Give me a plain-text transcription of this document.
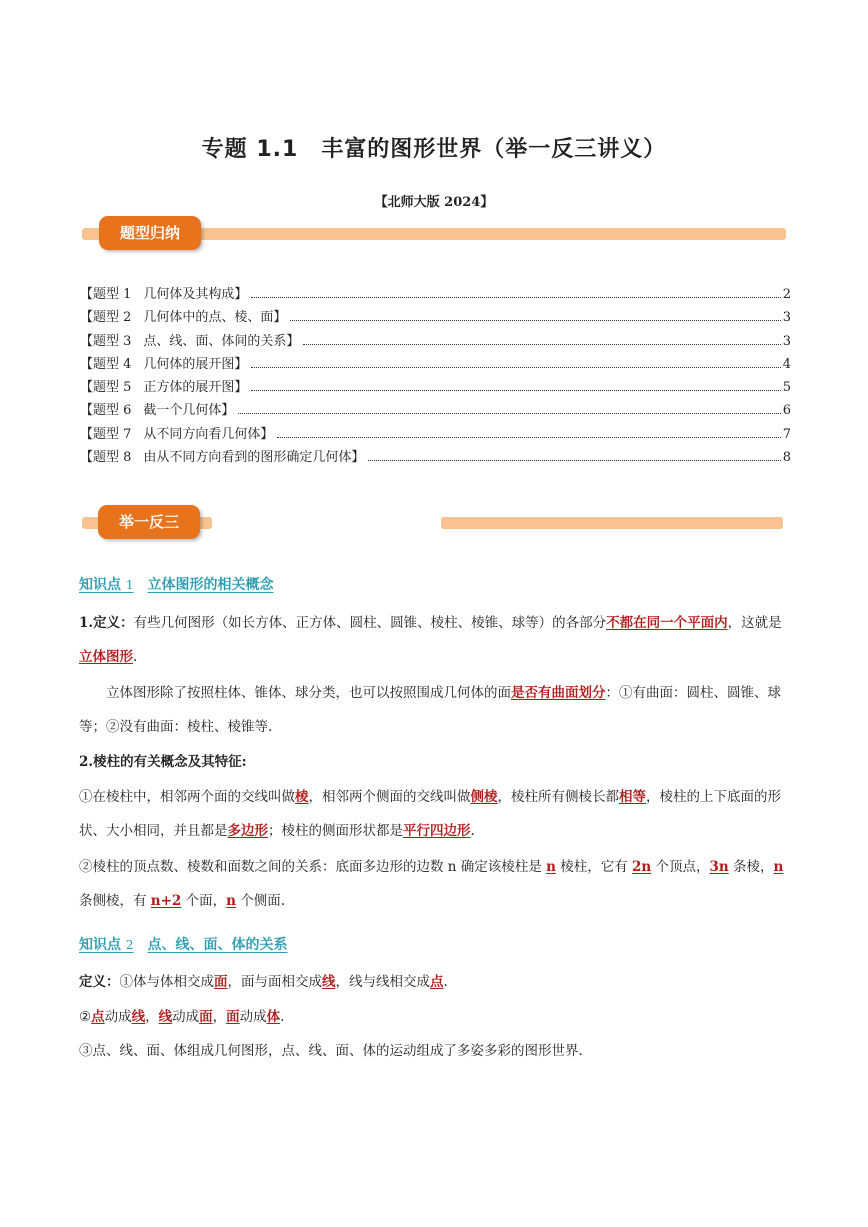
专题 1.1　丰富的图形世界（举一反三讲义）
【北师大版 2024】
题型归纳
【题型 1 几何体及其构成】	2
【题型 2 几何体中的点、棱、面】	3
【题型 3 点、线、面、体间的关系】	3
【题型 4 几何体的展开图】	4
【题型 5 正方体的展开图】	5
【题型 6 截一个几何体】	6
【题型 7 从不同方向看几何体】	7
【题型 8 由从不同方向看到的图形确定几何体】	8
举一反三
知识点 1 立体图形的相关概念
1.定义：有些几何图形（如长方体、正方体、圆柱、圆锥、棱柱、棱锥、球等）的各部分不都在同一个平面内，这就是立体图形.
立体图形除了按照柱体、锥体、球分类，也可以按照围成几何体的面是否有曲面划分：①有曲面：圆柱、圆锥、球等；②没有曲面：棱柱、棱锥等.
2.棱柱的有关概念及其特征:
①在棱柱中，相邻两个面的交线叫做棱，相邻两个侧面的交线叫做侧棱，棱柱所有侧棱长都相等，棱柱的上下底面的形状、大小相同，并且都是多边形；棱柱的侧面形状都是平行四边形.
②棱柱的顶点数、棱数和面数之间的关系：底面多边形的边数 n 确定该棱柱是 n 棱柱，它有 2n 个顶点，3n 条棱，n 条侧棱，有 n+2 个面，n 个侧面.
知识点 2 点、线、面、体的关系
定义：①体与体相交成面，面与面相交成线，线与线相交成点.
②点动成线，线动成面，面动成体.
③点、线、面、体组成几何图形，点、线、面、体的运动组成了多姿多彩的图形世界.
